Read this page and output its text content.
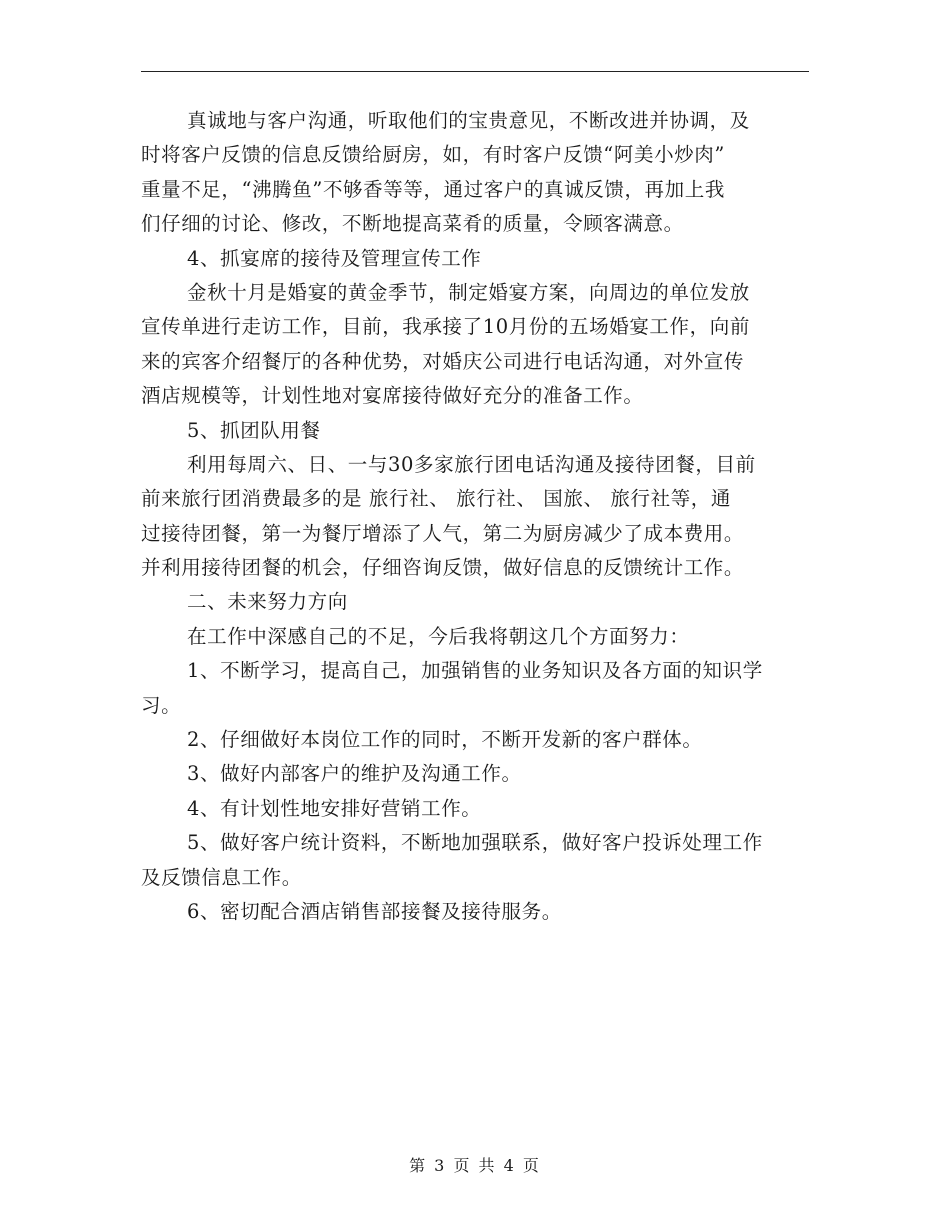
真诚地与客户沟通，听取他们的宝贵意见，不断改进并协调，及
时将客户反馈的信息反馈给厨房，如，有时客户反馈“阿美小炒肉”
重量不足，“沸腾鱼”不够香等等，通过客户的真诚反馈，再加上我
们仔细的讨论、修改，不断地提高菜肴的质量，令顾客满意。
4、抓宴席的接待及管理宣传工作
金秋十月是婚宴的黄金季节，制定婚宴方案，向周边的单位发放
宣传单进行走访工作，目前，我承接了10月份的五场婚宴工作，向前
来的宾客介绍餐厅的各种优势，对婚庆公司进行电话沟通，对外宣传
酒店规模等，计划性地对宴席接待做好充分的准备工作。
5、抓团队用餐
利用每周六、日、一与30多家旅行团电话沟通及接待团餐，目前
前来旅行团消费最多的是 旅行社、 旅行社、 国旅、 旅行社等，通
过接待团餐，第一为餐厅增添了人气，第二为厨房减少了成本费用。
并利用接待团餐的机会，仔细咨询反馈，做好信息的反馈统计工作。
二、未来努力方向
在工作中深感自己的不足，今后我将朝这几个方面努力：
1、不断学习，提高自己，加强销售的业务知识及各方面的知识学
习。
2、仔细做好本岗位工作的同时，不断开发新的客户群体。
3、做好内部客户的维护及沟通工作。
4、有计划性地安排好营销工作。
5、做好客户统计资料，不断地加强联系，做好客户投诉处理工作
及反馈信息工作。
6、密切配合酒店销售部接餐及接待服务。
第 3 页 共 4 页
